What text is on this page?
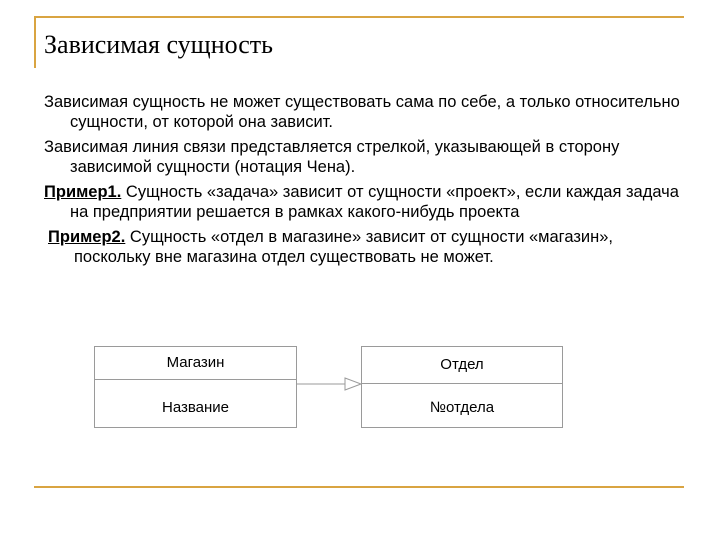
Зависимая сущность

Зависимая сущность не может существовать сама по себе, а только относительно сущности, от которой она зависит.

Зависимая линия связи представляется стрелкой, указывающей в сторону зависимой сущности (нотация Чена).

Пример1. Сущность «задача» зависит от сущности «проект», если каждая задача на предприятии решается в рамках какого-нибудь проекта

Пример2. Сущность «отдел в магазине» зависит от сущности «магазин», поскольку вне магазина отдел существовать не может.

Магазин
Название
Отдел
№отдела
